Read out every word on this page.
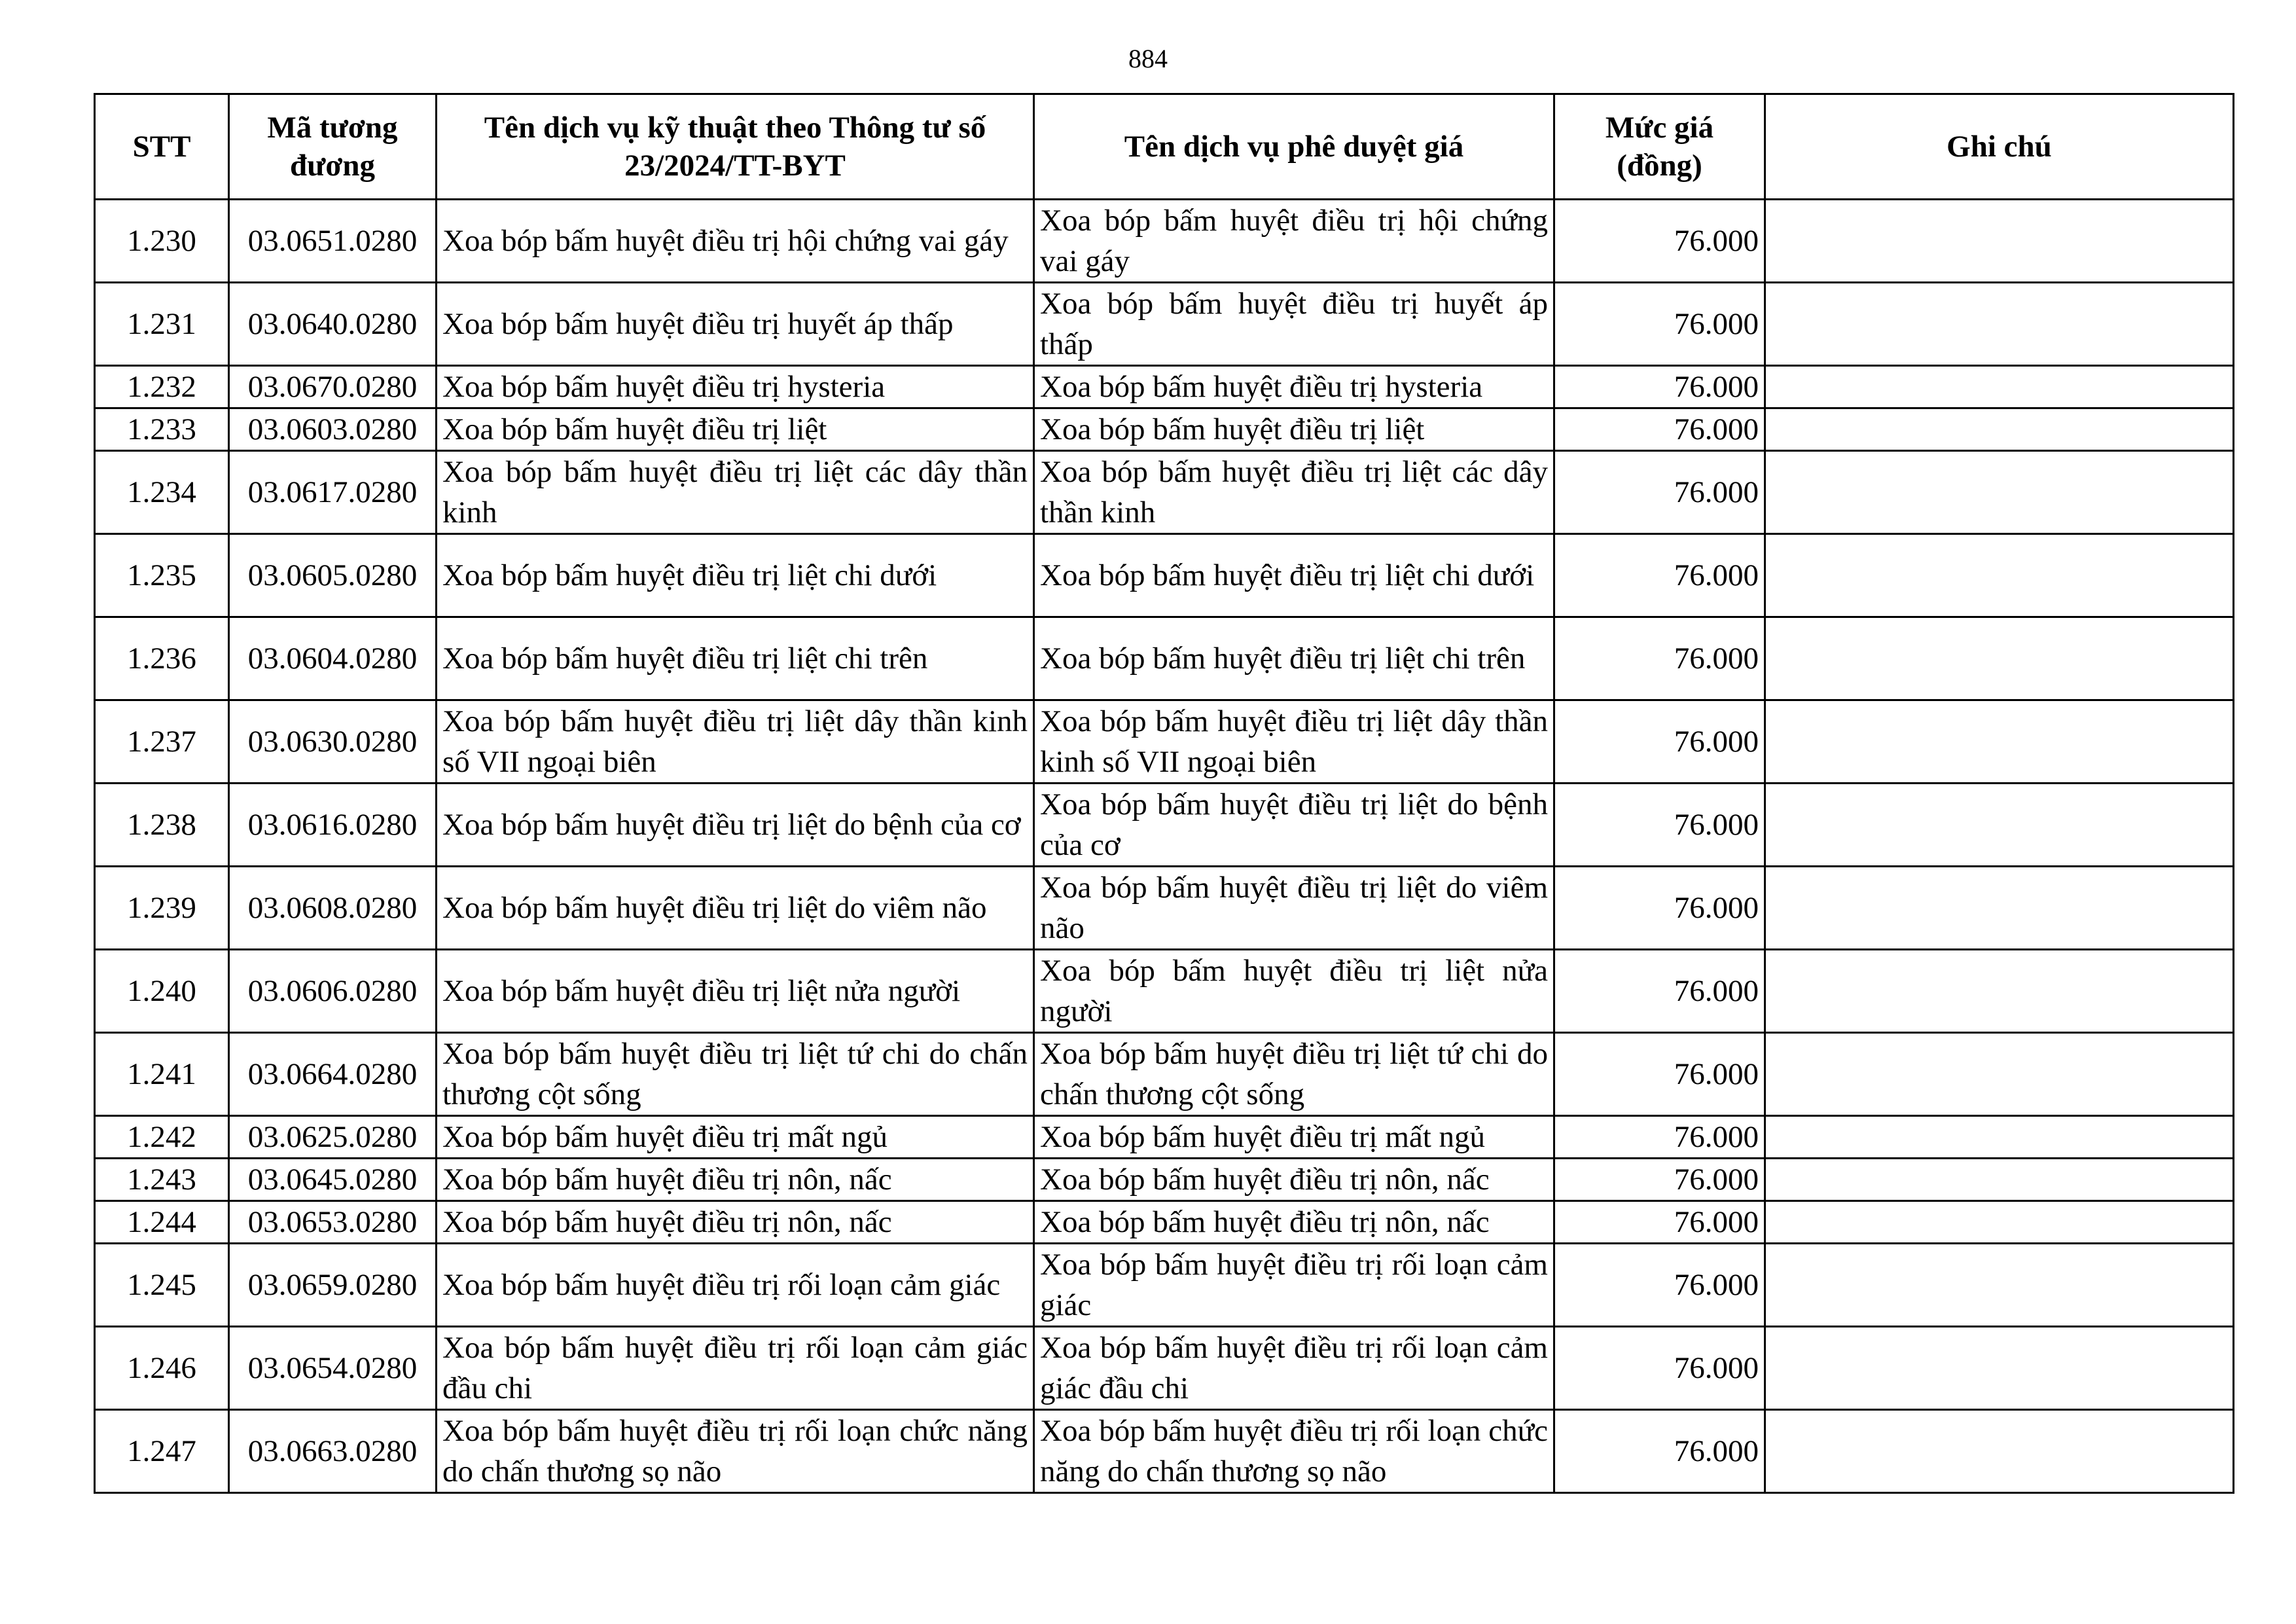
884
STT	Mã tương đương	Tên dịch vụ kỹ thuật theo Thông tư số 23/2024/TT-BYT	Tên dịch vụ phê duyệt giá	Mức giá (đồng)	Ghi chú
1.230	03.0651.0280	Xoa bóp bấm huyệt điều trị hội chứng vai gáy	Xoa bóp bấm huyệt điều trị hội chứng vai gáy	76.000	
1.231	03.0640.0280	Xoa bóp bấm huyệt điều trị huyết áp thấp	Xoa bóp bấm huyệt điều trị huyết áp thấp	76.000	
1.232	03.0670.0280	Xoa bóp bấm huyệt điều trị hysteria	Xoa bóp bấm huyệt điều trị hysteria	76.000	
1.233	03.0603.0280	Xoa bóp bấm huyệt điều trị liệt	Xoa bóp bấm huyệt điều trị liệt	76.000	
1.234	03.0617.0280	Xoa bóp bấm huyệt điều trị liệt các dây thần kinh	Xoa bóp bấm huyệt điều trị liệt các dây thần kinh	76.000	
1.235	03.0605.0280	Xoa bóp bấm huyệt điều trị liệt chi dưới	Xoa bóp bấm huyệt điều trị liệt chi dưới	76.000	
1.236	03.0604.0280	Xoa bóp bấm huyệt điều trị liệt chi trên	Xoa bóp bấm huyệt điều trị liệt chi trên	76.000	
1.237	03.0630.0280	Xoa bóp bấm huyệt điều trị liệt dây thần kinh số VII ngoại biên	Xoa bóp bấm huyệt điều trị liệt dây thần kinh số VII ngoại biên	76.000	
1.238	03.0616.0280	Xoa bóp bấm huyệt điều trị liệt do bệnh của cơ	Xoa bóp bấm huyệt điều trị liệt do bệnh của cơ	76.000	
1.239	03.0608.0280	Xoa bóp bấm huyệt điều trị liệt do viêm não	Xoa bóp bấm huyệt điều trị liệt do viêm não	76.000	
1.240	03.0606.0280	Xoa bóp bấm huyệt điều trị liệt nửa người	Xoa bóp bấm huyệt điều trị liệt nửa người	76.000	
1.241	03.0664.0280	Xoa bóp bấm huyệt điều trị liệt tứ chi do chấn thương cột sống	Xoa bóp bấm huyệt điều trị liệt tứ chi do chấn thương cột sống	76.000	
1.242	03.0625.0280	Xoa bóp bấm huyệt điều trị mất ngủ	Xoa bóp bấm huyệt điều trị mất ngủ	76.000	
1.243	03.0645.0280	Xoa bóp bấm huyệt điều trị nôn, nấc	Xoa bóp bấm huyệt điều trị nôn, nấc	76.000	
1.244	03.0653.0280	Xoa bóp bấm huyệt điều trị nôn, nấc	Xoa bóp bấm huyệt điều trị nôn, nấc	76.000	
1.245	03.0659.0280	Xoa bóp bấm huyệt điều trị rối loạn cảm giác	Xoa bóp bấm huyệt điều trị rối loạn cảm giác	76.000	
1.246	03.0654.0280	Xoa bóp bấm huyệt điều trị rối loạn cảm giác đầu chi	Xoa bóp bấm huyệt điều trị rối loạn cảm giác đầu chi	76.000	
1.247	03.0663.0280	Xoa bóp bấm huyệt điều trị rối loạn chức năng do chấn thương sọ não	Xoa bóp bấm huyệt điều trị rối loạn chức năng do chấn thương sọ não	76.000	
